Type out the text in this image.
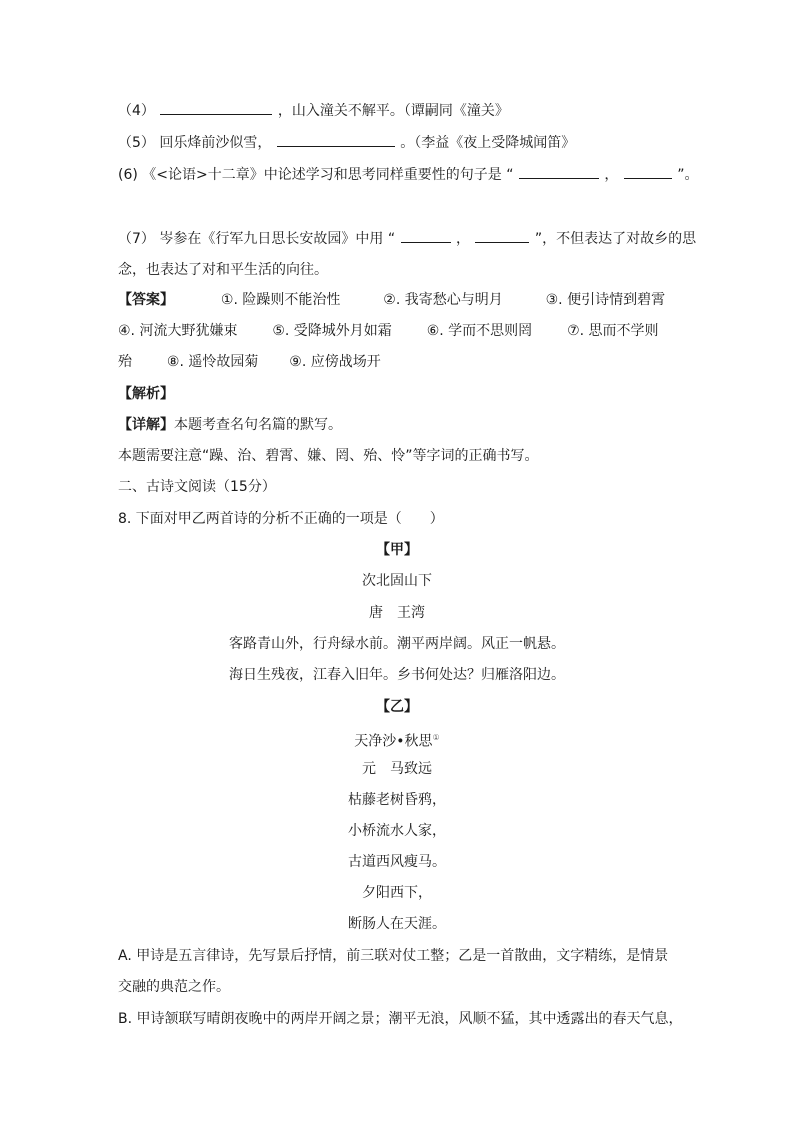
（4）	，山入潼关不解平。（谭嗣同《潼关》
（5） 回乐烽前沙似雪，	。（李益《夜上受降城闻笛》
(6) 《<论语>十二章》中论述学习和思考同样重要性的句子是 “	，	”。
（7） 岑参在《行军九日思长安故园》中用 “	，	”，不但表达了对故乡的思
念，也表达了对和平生活的向往。
【答案】	①. 险躁则不能治性	②. 我寄愁心与明月	③. 便引诗情到碧霄
④. 河流大野犹嫌束 ⑤. 受降城外月如霜 ⑥. 学而不思则罔 ⑦. 思而不学则
殆 ⑧. 遥怜故园菊 ⑨. 应傍战场开
【解析】
【详解】本题考查名句名篇的默写。
本题需要注意“躁、治、碧霄、嫌、罔、殆、怜”等字词的正确书写。
二、古诗文阅读（15分）
8. 下面对甲乙两首诗的分析不正确的一项是（　　）
【甲】
次北固山下
唐　王湾
客路青山外，行舟绿水前。潮平两岸阔。风正一帆悬。
海日生残夜，江春入旧年。乡书何处达？归雁洛阳边。
【乙】
天净沙•秋思①
元　马致远
枯藤老树昏鸦，
小桥流水人家，
古道西风瘦马。
夕阳西下，
断肠人在天涯。
A. 甲诗是五言律诗，先写景后抒情，前三联对仗工整；乙是一首散曲，文字精练，是情景
交融的典范之作。
B. 甲诗颔联写晴朗夜晚中的两岸开阔之景；潮平无浪，风顺不猛，其中透露出的春天气息，
